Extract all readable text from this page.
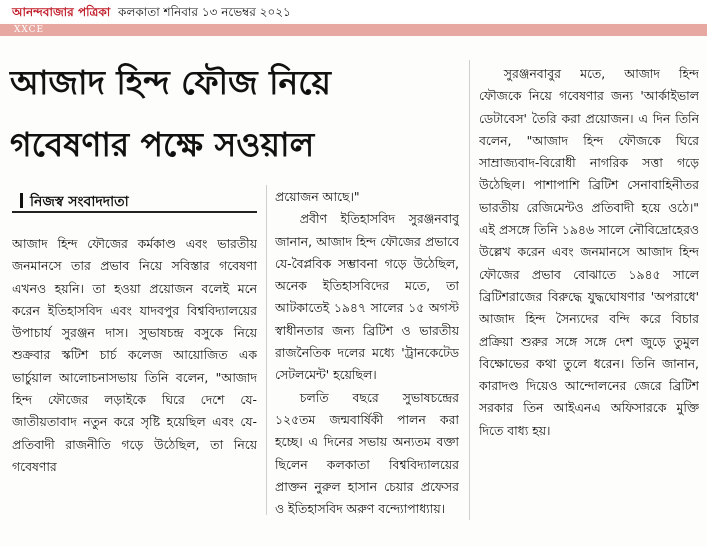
আনন্দবাজার পত্রিকা কলকাতা শনিবার ১৩ নভেম্বর ২০২১
XXCE
আজাদ হিন্দ ফৌজ নিয়ে
গবেষণার পক্ষে সওয়াল
নিজস্ব সংবাদদাতা

আজাদ হিন্দ ফৌজের কর্মকাণ্ড এবং ভারতীয় জনমানসে তার প্রভাব নিয়ে সবিস্তার গবেষণা এখনও হয়নি। তা হওয়া প্রয়োজন বলেই মনে করেন ইতিহাসবিদ এবং যাদবপুর বিশ্ববিদ্যালয়ের উপাচার্য সুরঞ্জন দাস। সুভাষচন্দ্র বসুকে নিয়ে শুক্রবার স্কটিশ চার্চ কলেজ আয়োজিত এক ভার্চুয়াল আলোচনাসভায় তিনি বলেন, "আজাদ হিন্দ ফৌজের লড়াইকে ঘিরে দেশে যে-জাতীয়তাবাদ নতুন করে সৃষ্টি হয়েছিল এবং যে-প্রতিবাদী রাজনীতি গড়ে উঠেছিল, তা নিয়ে গবেষণার

প্রয়োজন আছে।"

প্রবীণ ইতিহাসবিদ সুরঞ্জনবাবু জানান, আজাদ হিন্দ ফৌজের প্রভাবে যে-বৈপ্লবিক সম্ভাবনা গড়ে উঠেছিল, অনেক ইতিহাসবিদের মতে, তা আটকাতেই ১৯৪৭ সালের ১৫ অগস্ট স্বাধীনতার জন্য ব্রিটিশ ও ভারতীয় রাজনৈতিক দলের মধ্যে 'ট্রানকেটেড সেটলমেন্ট' হয়েছিল।

চলতি বছরে সুভাষচন্দ্রের ১২৫তম জন্মবার্ষিকী পালন করা হচ্ছে। এ দিনের সভায় অন্যতম বক্তা ছিলেন কলকাতা বিশ্ববিদ্যালয়ের প্রাক্তন নুরুল হাসান চেয়ার প্রফেসর ও ইতিহাসবিদ অরুণ বন্দ্যোপাধ্যায়।

সুরঞ্জনবাবুর মতে, আজাদ হিন্দ ফৌজকে নিয়ে গবেষণার জন্য 'আর্কাইভাল ডেটাবেস' তৈরি করা প্রয়োজন। এ দিন তিনি বলেন, "আজাদ হিন্দ ফৌজকে ঘিরে সাম্রাজ্যবাদ-বিরোধী নাগরিক সত্তা গড়ে উঠেছিল। পাশাপাশি ব্রিটিশ সেনাবাহিনীতর ভারতীয় রেজিমেন্টও প্রতিবাদী হয়ে ওঠে।" এই প্রসঙ্গে তিনি ১৯৪৬ সালে নৌবিদ্রোহেরও উল্লেখ করেন এবং জনমানসে আজাদ হিন্দ ফৌজের প্রভাব বোঝাতে ১৯৪৫ সালে ব্রিটিশরাজের বিরুদ্ধে যুদ্ধঘোষণার 'অপরাধে' আজাদ হিন্দ সৈন্যদের বন্দি করে বিচার প্রক্রিয়া শুরুর সঙ্গে সঙ্গে দেশ জুড়ে তুমুল বিক্ষোভের কথা তুলে ধরেন। তিনি জানান, কারাদণ্ড দিয়েও আন্দোলনের জেরে ব্রিটিশ সরকার তিন আইএনএ অফিসারকে মুক্তি দিতে বাধ্য হয়।
